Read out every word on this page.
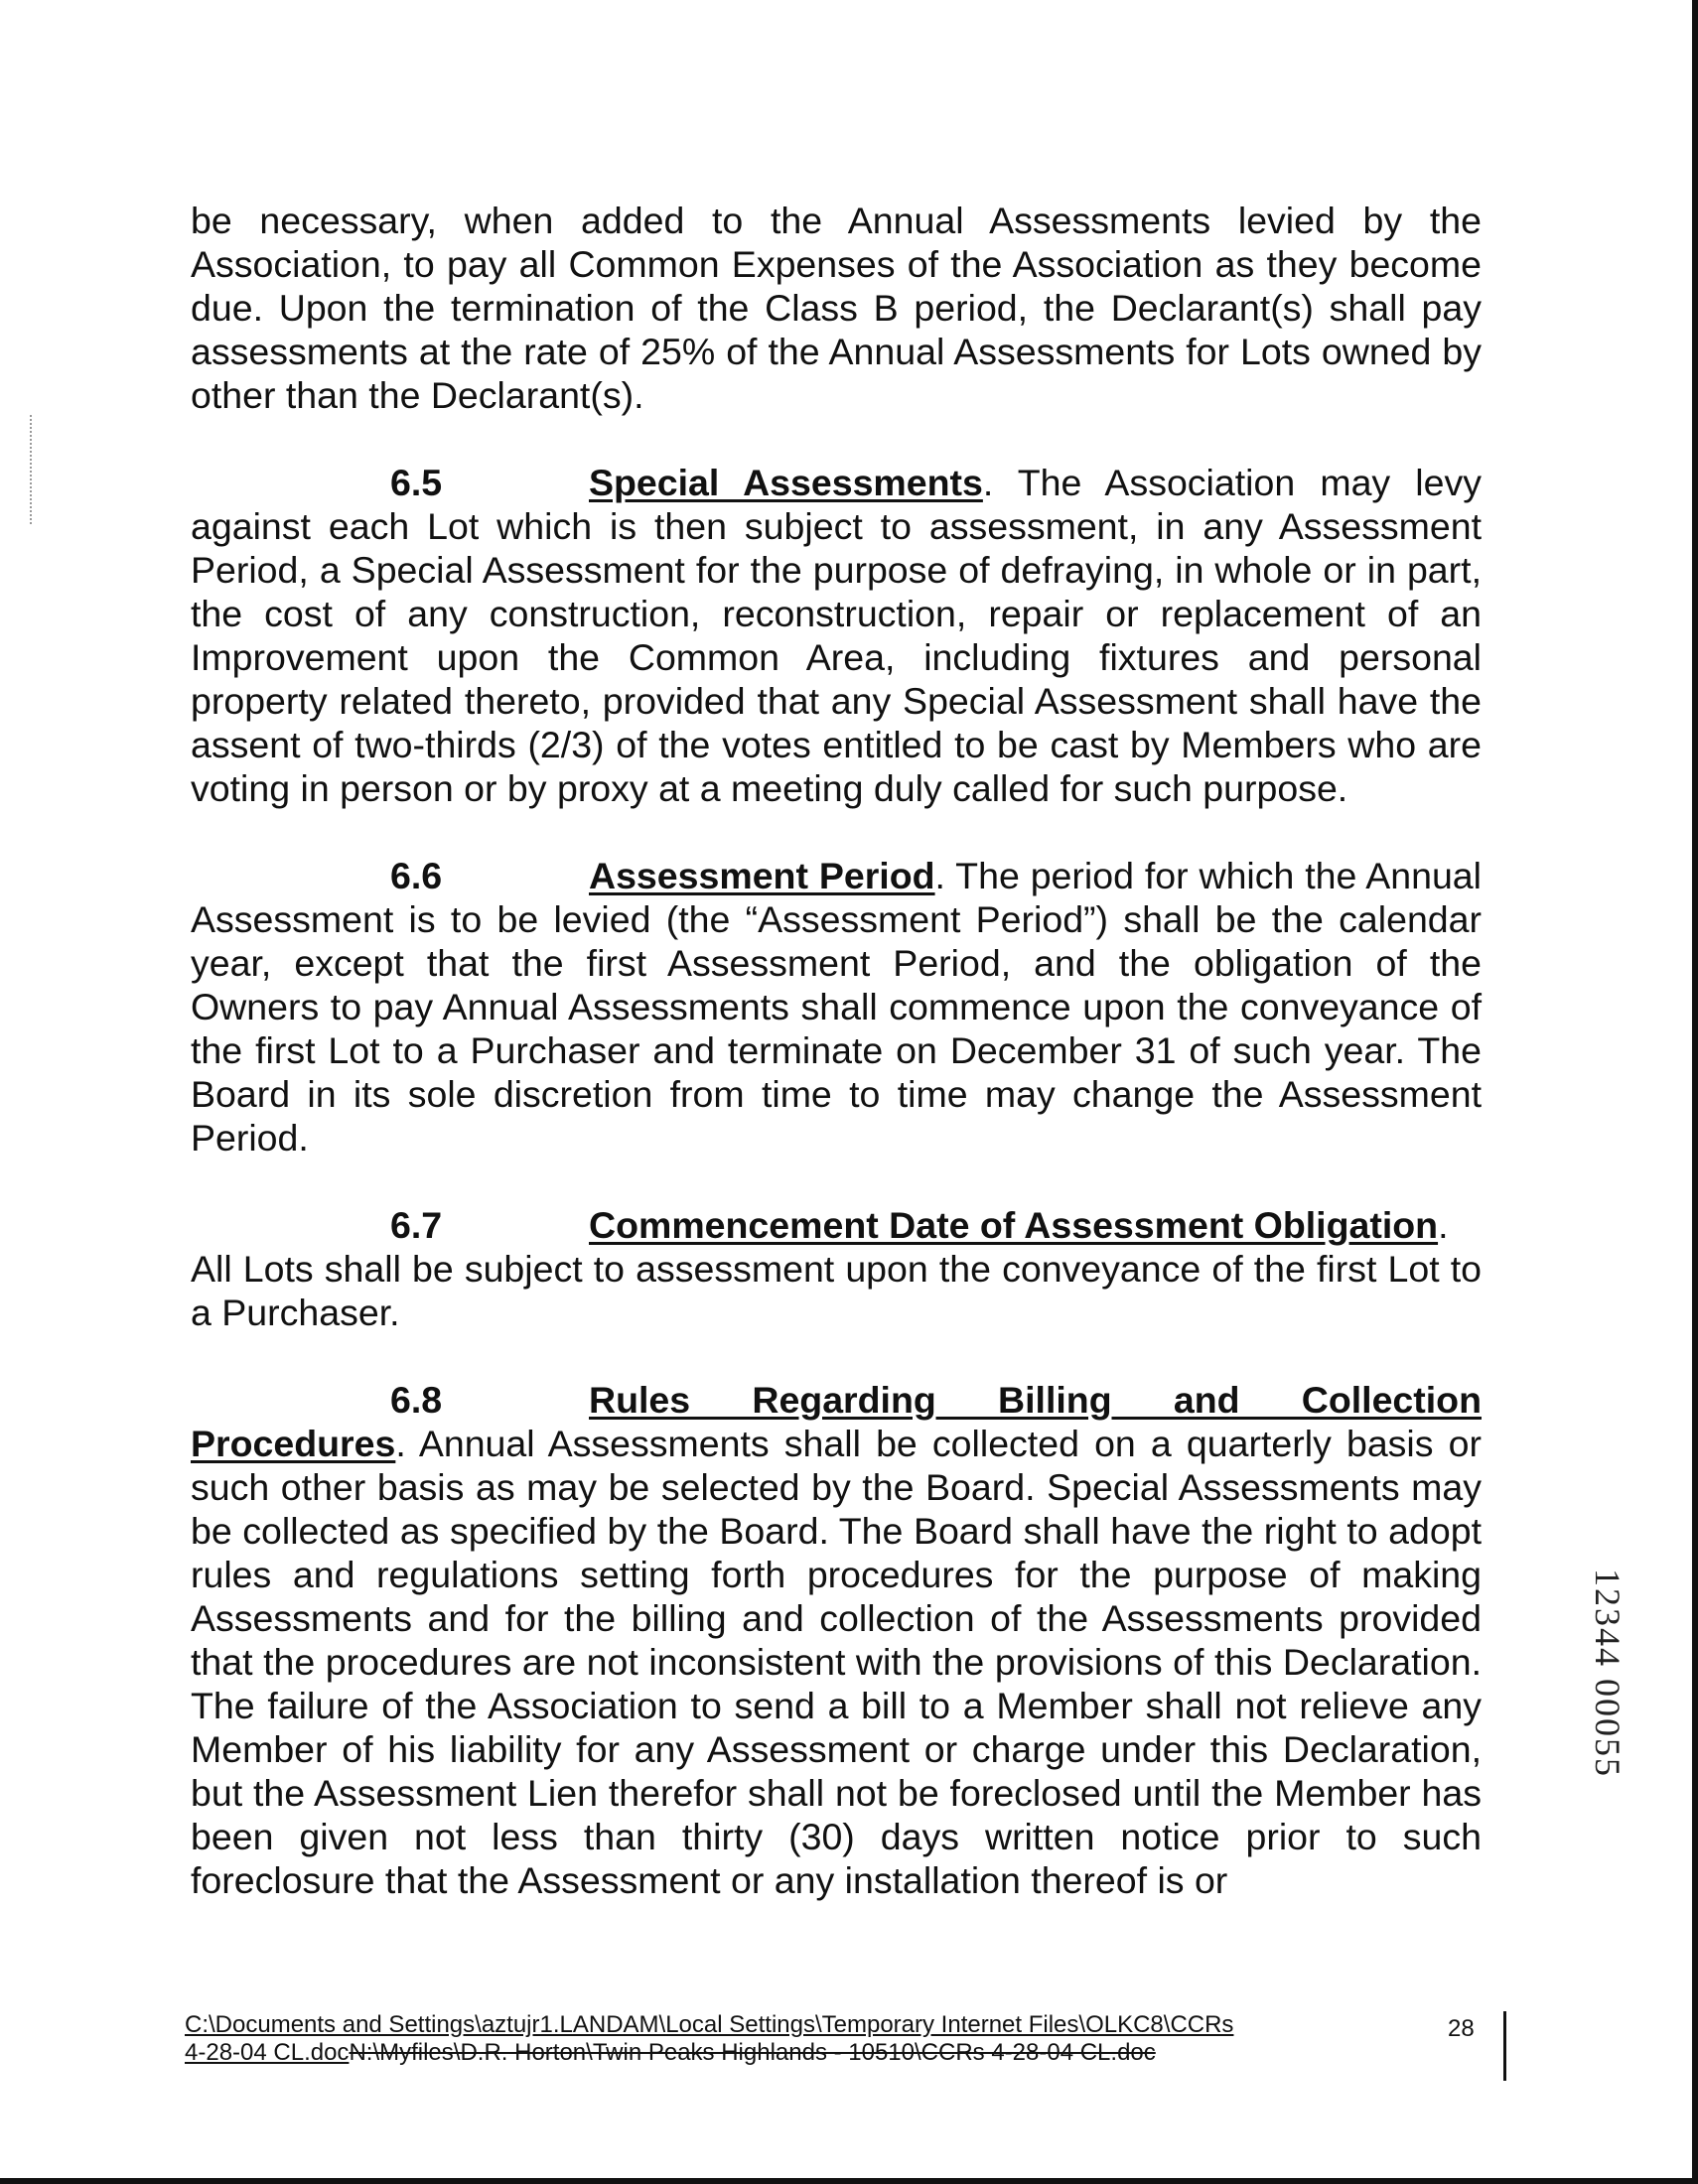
be necessary, when added to the Annual Assessments levied by the Association, to pay all Common Expenses of the Association as they become due. Upon the termination of the Class B period, the Declarant(s) shall pay assessments at the rate of 25% of the Annual Assessments for Lots owned by other than the Declarant(s).

6.5	Special Assessments. The Association may levy against each Lot which is then subject to assessment, in any Assessment Period, a Special Assessment for the purpose of defraying, in whole or in part, the cost of any construction, reconstruction, repair or replacement of an Improvement upon the Common Area, including fixtures and personal property related thereto, provided that any Special Assessment shall have the assent of two-thirds (2/3) of the votes entitled to be cast by Members who are voting in person or by proxy at a meeting duly called for such purpose.

6.6	Assessment Period. The period for which the Annual Assessment is to be levied (the “Assessment Period”) shall be the calendar year, except that the first Assessment Period, and the obligation of the Owners to pay Annual Assessments shall commence upon the conveyance of the first Lot to a Purchaser and terminate on December 31 of such year. The Board in its sole discretion from time to time may change the Assessment Period.

6.7	Commencement Date of Assessment Obligation.
All Lots shall be subject to assessment upon the conveyance of the first Lot to a Purchaser.

6.8	Rules Regarding Billing and Collection
Procedures. Annual Assessments shall be collected on a quarterly basis or such other basis as may be selected by the Board. Special Assessments may be collected as specified by the Board. The Board shall have the right to adopt rules and regulations setting forth procedures for the purpose of making Assessments and for the billing and collection of the Assessments provided that the procedures are not inconsistent with the provisions of this Declaration. The failure of the Association to send a bill to a Member shall not relieve any Member of his liability for any Assessment or charge under this Declaration, but the Assessment Lien therefor shall not be foreclosed until the Member has been given not less than thirty (30) days written notice prior to such foreclosure that the Assessment or any installation thereof is or

12344 00055
C:\Documents and Settings\aztujr1.LANDAM\Local Settings\Temporary Internet Files\OLKC8\CCRs
4-28-04 CL.docN:\Myfiles\D.R. Horton\Twin Peaks Highlands - 10510\CCRs 4-28-04 CL.doc
28
